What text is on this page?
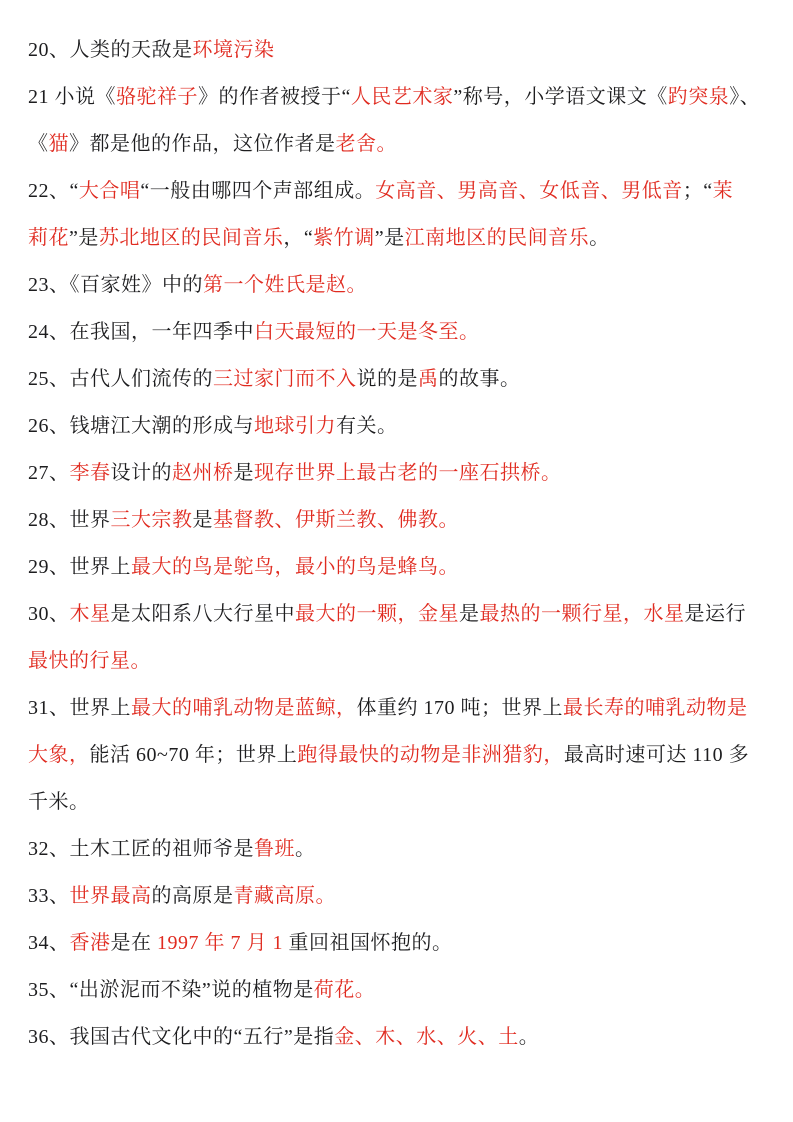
20、人类的天敌是 环境污染
21 小说《 骆驼祥子 》的作者被授于“ 人民艺术家 ”称号，小学语文课文《 趵突泉 》、
《 猫 》都是他的作品，这位作者是 老舍。
22、“ 大合唱 “一般由哪四个声部组成。 女高音、男高音、女低音、男低音 ；“ 茉
莉花 ”是 苏北地区的民间音乐 ，“ 紫竹调 ”是 江南地区的民间音乐 。
23、《百家姓》中的 第一个姓氏是赵。
24、在我国，一年四季中 白天最短的一天是冬至。
25、古代人们流传的 三过家门而不入 说的是 禹 的故事。
26、钱塘江大潮的形成与 地球引力 有关。
27、 李春 设计的 赵州桥 是 现存世界上最古老的一座石拱桥。
28、世界 三大宗教 是 基督教、伊斯兰教、佛教。
29、世界上 最大的鸟是鸵鸟，最小的鸟是蜂鸟。
30、 木星 是太阳系八大行星中 最大的一颗，金星 是 最热的一颗行星，水星 是运行
最快的行星。
31、世界上 最大的哺乳动物是蓝鲸， 体重约 170 吨；世界上 最长寿的哺乳动物是
大象， 能活 60~70 年；世界上 跑得最快的动物是非洲猎豹， 最高时速可达 110 多
千米。
32、土木工匠的祖师爷是 鲁班 。
33、 世界最高 的高原是 青藏高原。
34、 香港 是在 1997 年 7 月 1 重回祖国怀抱的。
35、“出淤泥而不染”说的植物是 荷花。
36、我国古代文化中的“五行”是指 金、木、水、火、土 。
